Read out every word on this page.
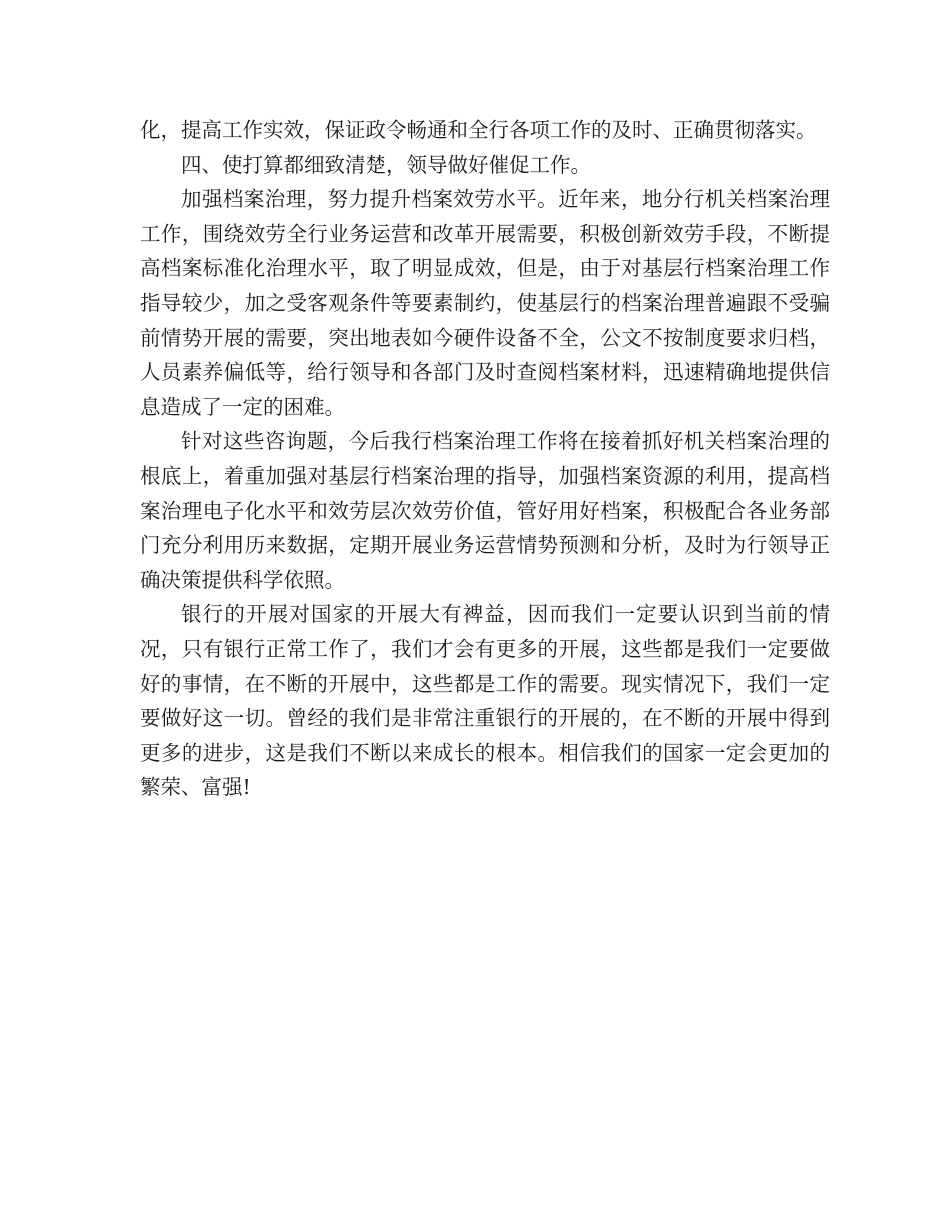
化，提高工作实效，保证政令畅通和全行各项工作的及时、正确贯彻落实。

四、使打算都细致清楚，领导做好催促工作。

加强档案治理，努力提升档案效劳水平。近年来，地分行机关档案治理工作，围绕效劳全行业务运营和改革开展需要，积极创新效劳手段，不断提高档案标准化治理水平，取了明显成效，但是，由于对基层行档案治理工作指导较少，加之受客观条件等要素制约，使基层行的档案治理普遍跟不受骗前情势开展的需要，突出地表如今硬件设备不全，公文不按制度要求归档，人员素养偏低等，给行领导和各部门及时查阅档案材料，迅速精确地提供信息造成了一定的困难。

针对这些咨询题，今后我行档案治理工作将在接着抓好机关档案治理的根底上，着重加强对基层行档案治理的指导，加强档案资源的利用，提高档案治理电子化水平和效劳层次效劳价值，管好用好档案，积极配合各业务部门充分利用历来数据，定期开展业务运营情势预测和分析，及时为行领导正确决策提供科学依照。

银行的开展对国家的开展大有裨益，因而我们一定要认识到当前的情况，只有银行正常工作了，我们才会有更多的开展，这些都是我们一定要做好的事情，在不断的开展中，这些都是工作的需要。现实情况下，我们一定要做好这一切。曾经的我们是非常注重银行的开展的，在不断的开展中得到更多的进步，这是我们不断以来成长的根本。相信我们的国家一定会更加的繁荣、富强!
